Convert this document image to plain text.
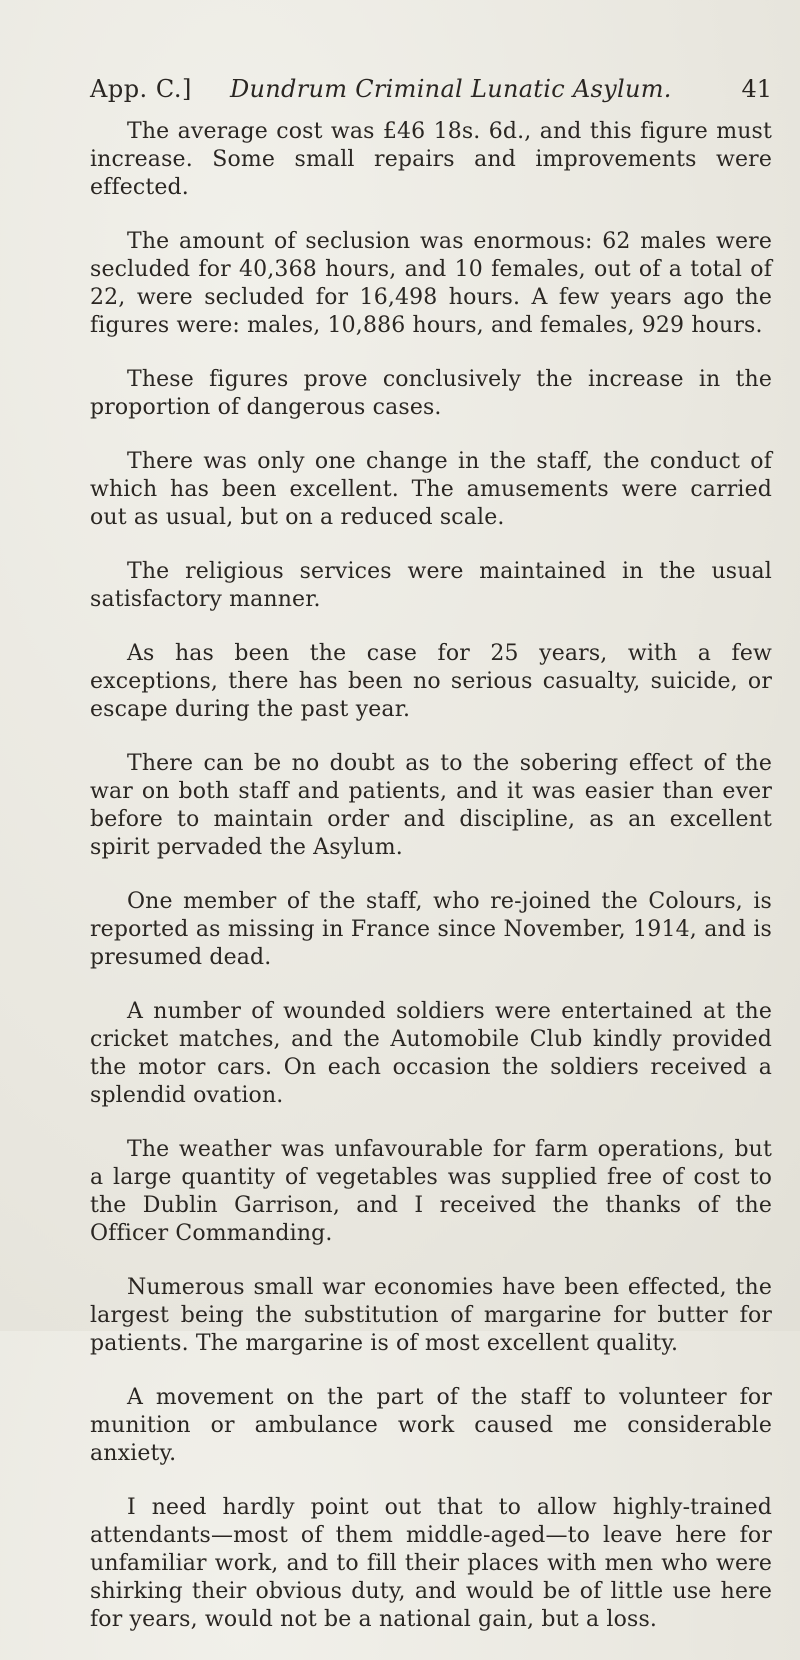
App. C.] Dundrum Criminal Lunatic Asylum.	41

The average cost was £46 18s. 6d., and this figure must increase. Some small repairs and improvements were effected.

The amount of seclusion was enormous: 62 males were secluded for 40,368 hours, and 10 females, out of a total of 22, were secluded for 16,498 hours. A few years ago the figures were: males, 10,886 hours, and females, 929 hours.

These figures prove conclusively the increase in the proportion of dangerous cases.

There was only one change in the staff, the conduct of which has been excellent. The amusements were carried out as usual, but on a reduced scale.

The religious services were maintained in the usual satisfactory manner.

As has been the case for 25 years, with a few exceptions, there has been no serious casualty, suicide, or escape during the past year.

There can be no doubt as to the sobering effect of the war on both staff and patients, and it was easier than ever before to maintain order and discipline, as an excellent spirit pervaded the Asylum.

One member of the staff, who re-joined the Colours, is reported as missing in France since November, 1914, and is presumed dead.

A number of wounded soldiers were entertained at the cricket matches, and the Automobile Club kindly provided the motor cars. On each occasion the soldiers received a splendid ovation.

The weather was unfavourable for farm operations, but a large quantity of vegetables was supplied free of cost to the Dublin Garrison, and I received the thanks of the Officer Commanding.

Numerous small war economies have been effected, the largest being the substitution of margarine for butter for patients. The margarine is of most excellent quality.

A movement on the part of the staff to volunteer for munition or ambulance work caused me considerable anxiety.

I need hardly point out that to allow highly-trained attendants—most of them middle-aged—to leave here for unfamiliar work, and to fill their places with men who were shirking their obvious duty, and would be of little use here for years, would not be a national gain, but a loss.
